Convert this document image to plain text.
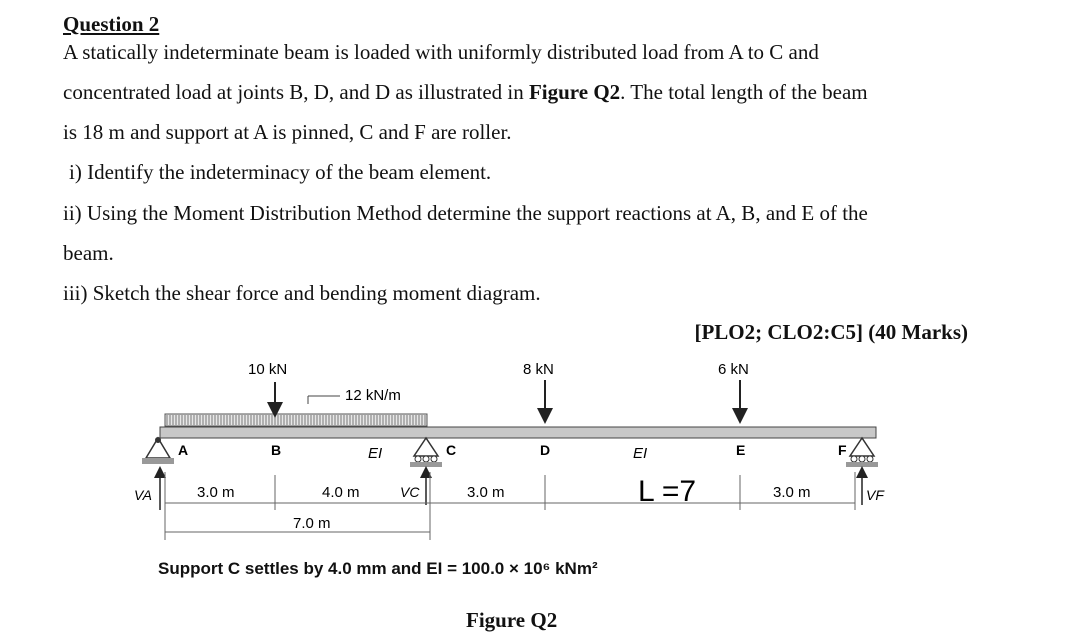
Question 2
A statically indeterminate beam is loaded with uniformly distributed load from A to C and
concentrated load at joints B, D, and D as illustrated in Figure Q2. The total length of the beam
is 18 m and support at A is pinned, C and F are roller.
i) Identify the indeterminacy of the beam element.
ii) Using the Moment Distribution Method determine the support reactions at A, B, and E of the
beam.
iii) Sketch the shear force and bending moment diagram.
[PLO2; CLO2:C5] (40 Marks)
10 kN
12 kN/m
8 kN	6 kN
A	B	C	D	E	F
EI	EI
L =7
VA	VC	VF
3.0 m	4.0 m	3.0 m	3.0 m
7.0 m
Support C settles by 4.0 mm and EI = 100.0 × 10⁶ kNm²
Figure Q2
